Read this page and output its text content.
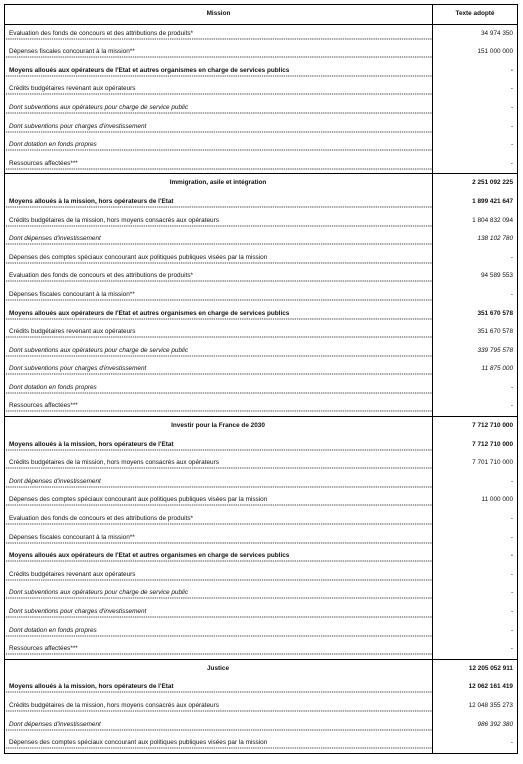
Mission	Texte adopté
Evaluation des fonds de concours et des attributions de produits*	34 974 350
Dépenses fiscales concourant à la mission**	151 000 000
Moyens alloués aux opérateurs de l'Etat et autres organismes en charge de services publics	-
Crédits budgétaires revenant aux opérateurs	-
Dont subventions aux opérateurs pour charge de service public	-
Dont subventions pour charges d'investissement	-
Dont dotation en fonds propres	-
Ressources affectées***	-
Immigration, asile et intégration	2 251 092 225
Moyens alloués à la mission, hors opérateurs de l'Etat	1 899 421 647
Crédits budgétaires de la mission, hors moyens consacrés aux opérateurs	1 804 832 094
Dont dépenses d'investissement	138 102 780
Dépenses des comptes spéciaux concourant aux politiques publiques visées par la mission	-
Evaluation des fonds de concours et des attributions de produits*	94 589 553
Dépenses fiscales concourant à la mission**	-
Moyens alloués aux opérateurs de l'Etat et autres organismes en charge de services publics	351 670 578
Crédits budgétaires revenant aux opérateurs	351 670 578
Dont subventions aux opérateurs pour charge de service public	339 795 578
Dont subventions pour charges d'investissement	11 875 000
Dont dotation en fonds propres	-
Ressources affectées***	-
Investir pour la France de 2030	7 712 710 000
Moyens alloués à la mission, hors opérateurs de l'Etat	7 712 710 000
Crédits budgétaires de la mission, hors moyens consacrés aux opérateurs	7 701 710 000
Dont dépenses d'investissement	-
Dépenses des comptes spéciaux concourant aux politiques publiques visées par la mission	11 000 000
Evaluation des fonds de concours et des attributions de produits*	-
Dépenses fiscales concourant à la mission**	-
Moyens alloués aux opérateurs de l'Etat et autres organismes en charge de services publics	-
Crédits budgétaires revenant aux opérateurs	-
Dont subventions aux opérateurs pour charge de service public	-
Dont subventions pour charges d'investissement	-
Dont dotation en fonds propres	-
Ressources affectées***	-
Justice	12 205 052 911
Moyens alloués à la mission, hors opérateurs de l'Etat	12 062 161 419
Crédits budgétaires de la mission, hors moyens consacrés aux opérateurs	12 048 355 273
Dont dépenses d'investissement	986 392 380
Dépenses des comptes spéciaux concourant aux politiques publiques visées par la mission	-
